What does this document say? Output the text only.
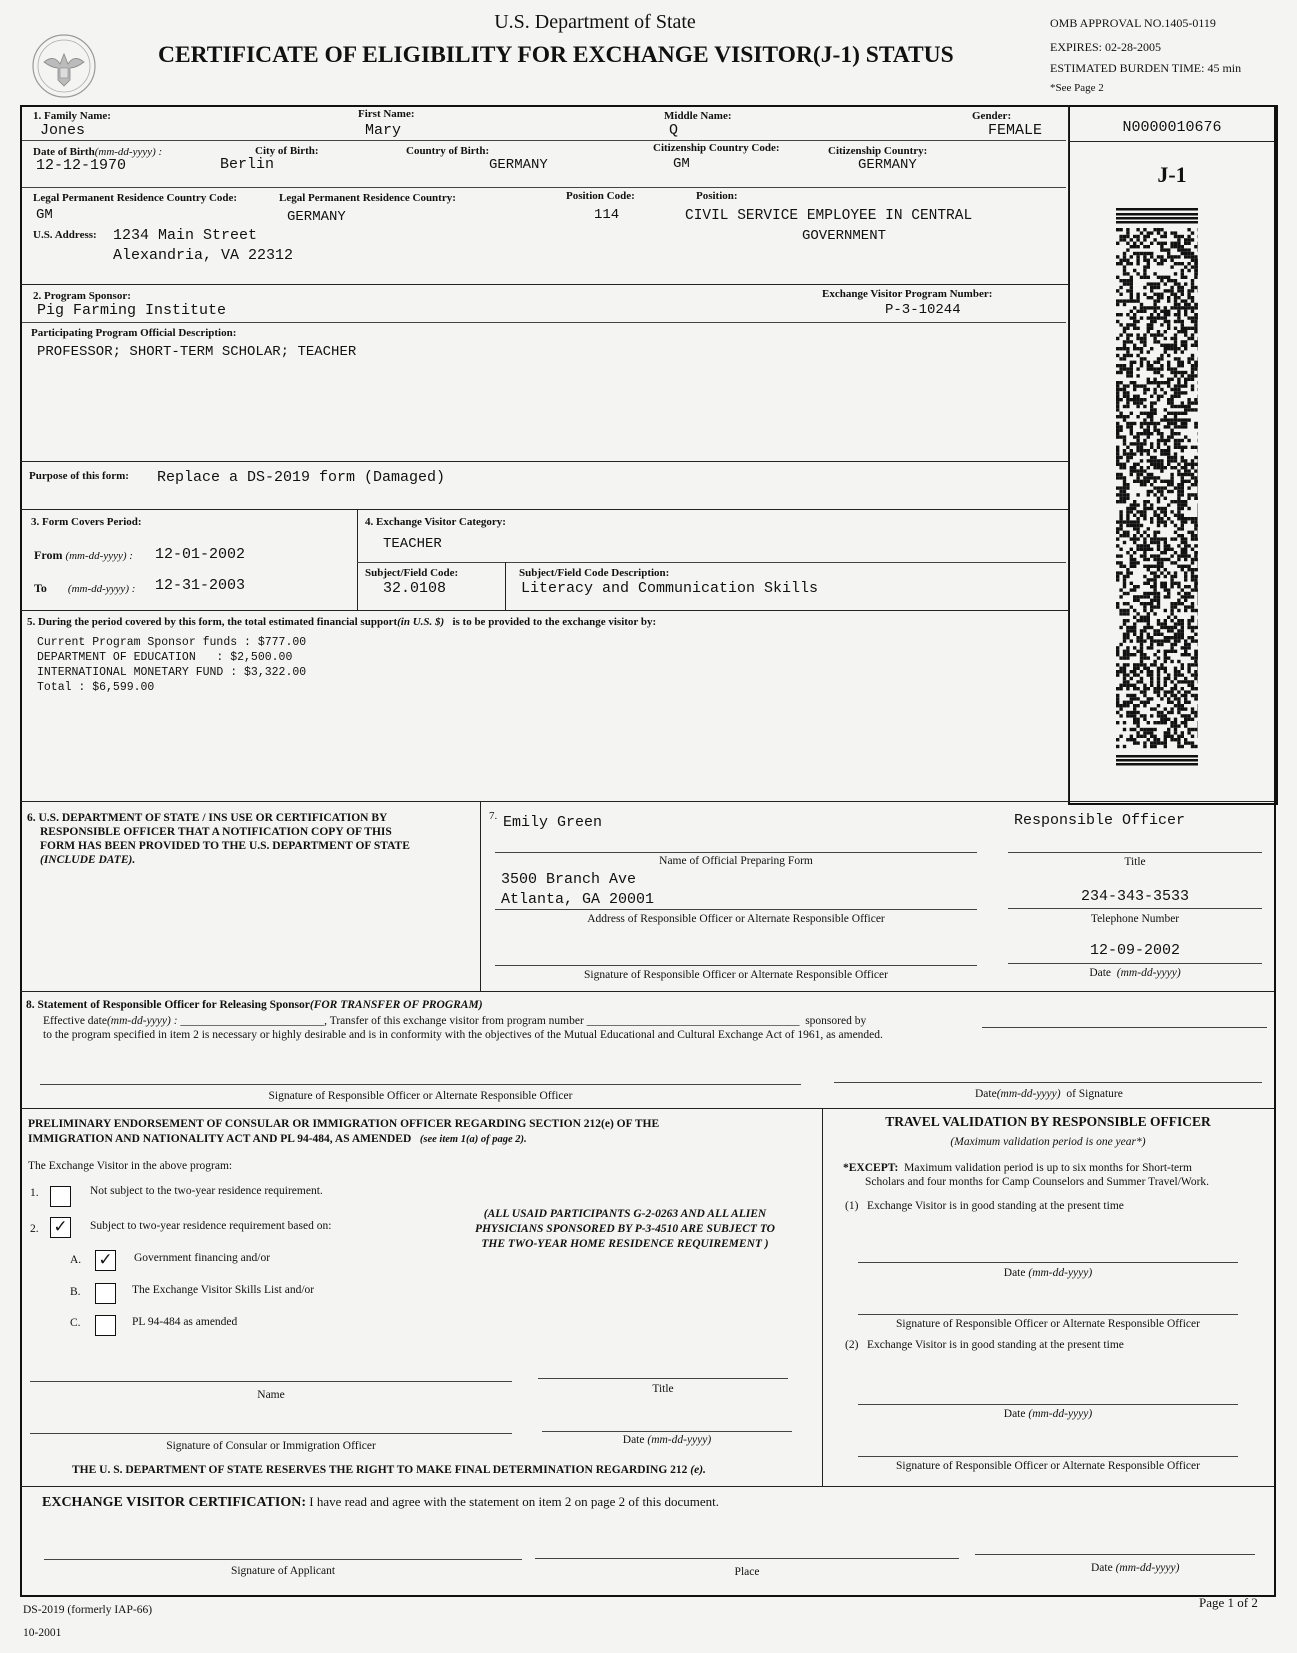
U.S. Department of State
CERTIFICATE OF ELIGIBILITY FOR EXCHANGE VISITOR(J-1) STATUS
OMB APPROVAL NO.1405-0119
EXPIRES: 02-28-2005
ESTIMATED BURDEN TIME: 45 min
*See Page 2
N0000010676
J-1
1. Family Name:
Jones
First Name:
Mary
Middle Name:
Q
Gender:
FEMALE
Date of Birth(mm-dd-yyyy) :
12-12-1970
City of Birth:
Berlin
Country of Birth:
GERMANY
Citizenship Country Code:
GM
Citizenship Country:
GERMANY
Legal Permanent Residence Country Code:
GM
Legal Permanent Residence Country:
GERMANY
Position Code:
114
Position:
CIVIL SERVICE EMPLOYEE IN CENTRAL
GOVERNMENT
U.S. Address: 1234 Main Street
Alexandria, VA 22312
2. Program Sponsor:
Pig Farming Institute
Exchange Visitor Program Number:
P-3-10244
Participating Program Official Description:
PROFESSOR; SHORT-TERM SCHOLAR; TEACHER
Purpose of this form: Replace a DS-2019 form (Damaged)
3. Form Covers Period:
From (mm-dd-yyyy) : 12-01-2002
To (mm-dd-yyyy) : 12-31-2003
4. Exchange Visitor Category:
TEACHER
Subject/Field Code:
32.0108
Subject/Field Code Description:
Literacy and Communication Skills
5. During the period covered by this form, the total estimated financial support(in U.S. $) is to be provided to the exchange visitor by:
Current Program Sponsor funds : $777.00
DEPARTMENT OF EDUCATION   : $2,500.00
INTERNATIONAL MONETARY FUND : $3,322.00
Total : $6,599.00
6. U.S. DEPARTMENT OF STATE / INS USE OR CERTIFICATION BY
RESPONSIBLE OFFICER THAT A NOTIFICATION COPY OF THIS
FORM HAS BEEN PROVIDED TO THE U.S. DEPARTMENT OF STATE
(INCLUDE DATE).
7. Emily Green
Name of Official Preparing Form
Responsible Officer
Title
3500 Branch Ave
Atlanta, GA 20001
Address of Responsible Officer or Alternate Responsible Officer
234-343-3533
Telephone Number
Signature of Responsible Officer or Alternate Responsible Officer
12-09-2002
Date (mm-dd-yyyy)
8. Statement of Responsible Officer for Releasing Sponsor(FOR TRANSFER OF PROGRAM)
Effective date(mm-dd-yyyy) : _________________________, Transfer of this exchange visitor from program number _____________________________________  sponsored by
to the program specified in item 2 is necessary or highly desirable and is in conformity with the objectives of the Mutual Educational and Cultural Exchange Act of 1961, as amended.
Signature of Responsible Officer or Alternate Responsible Officer	Date(mm-dd-yyyy) of Signature
PRELIMINARY ENDORSEMENT OF CONSULAR OR IMMIGRATION OFFICER REGARDING SECTION 212(e) OF THE
IMMIGRATION AND NATIONALITY ACT AND PL 94-484, AS AMENDED (see item 1(a) of page 2).
The Exchange Visitor in the above program:
1.	Not subject to the two-year residence requirement.
2. ✓ Subject to two-year residence requirement based on:
A. ✓ Government financing and/or
B.	The Exchange Visitor Skills List and/or
C.	PL 94-484 as amended
(ALL USAID PARTICIPANTS G-2-0263 AND ALL ALIEN
PHYSICIANS SPONSORED BY P-3-4510 ARE SUBJECT TO
THE TWO-YEAR HOME RESIDENCE REQUIREMENT )
Name	Title
Signature of Consular or Immigration Officer	Date (mm-dd-yyyy)
THE U. S. DEPARTMENT OF STATE RESERVES THE RIGHT TO MAKE FINAL DETERMINATION REGARDING 212 (e).
TRAVEL VALIDATION BY RESPONSIBLE OFFICER
(Maximum validation period is one year*)
*EXCEPT: Maximum validation period is up to six months for Short-term
Scholars and four months for Camp Counselors and Summer Travel/Work.
(1)   Exchange Visitor is in good standing at the present time
Date (mm-dd-yyyy)
Signature of Responsible Officer or Alternate Responsible Officer
(2)   Exchange Visitor is in good standing at the present time
Date (mm-dd-yyyy)
Signature of Responsible Officer or Alternate Responsible Officer
EXCHANGE VISITOR CERTIFICATION: I have read and agree with the statement on item 2 on page 2 of this document.
Signature of Applicant	Place	Date (mm-dd-yyyy)
DS-2019 (formerly IAP-66)
10-2001
Page 1 of 2
